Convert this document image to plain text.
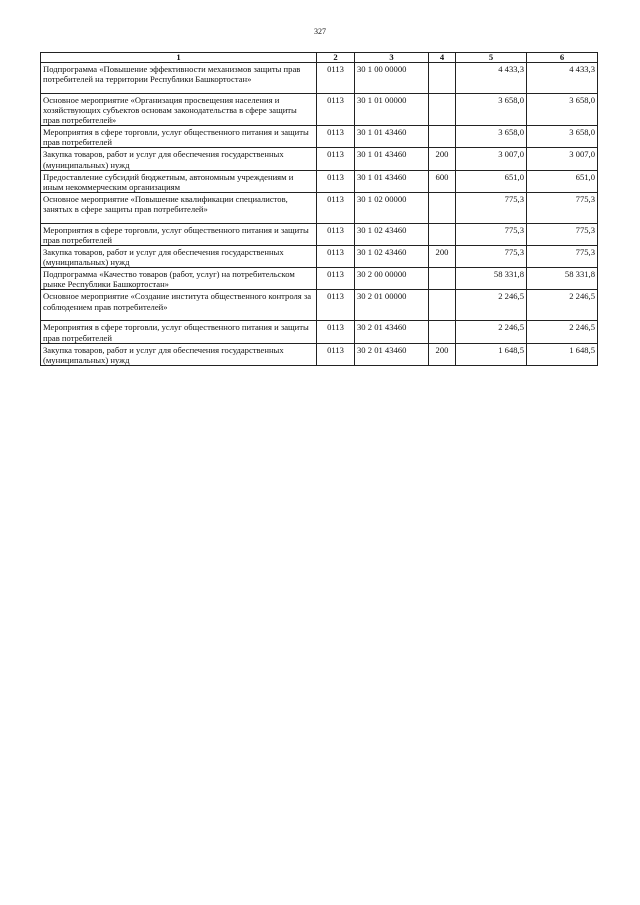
327
1	2	3	4	5	6
Подпрограмма «Повышение эффективности механизмов защиты прав потребителей на территории Республики Башкортостан»	0113	30 1 00 00000		4 433,3	4 433,3
Основное мероприятие «Организация просвещения населения и хозяйствующих субъектов основам законодательства в сфере защиты прав потребителей»	0113	30 1 01 00000		3 658,0	3 658,0
Мероприятия в сфере торговли, услуг общественного питания и защиты прав потребителей	0113	30 1 01 43460		3 658,0	3 658,0
Закупка товаров, работ и услуг для обеспечения государственных (муниципальных) нужд	0113	30 1 01 43460	200	3 007,0	3 007,0
Предоставление субсидий бюджетным, автономным учреждениям и иным некоммерческим организациям	0113	30 1 01 43460	600	651,0	651,0
Основное мероприятие «Повышение квалификации специалистов, занятых в сфере защиты прав потребителей»	0113	30 1 02 00000		775,3	775,3
Мероприятия в сфере торговли, услуг общественного питания и защиты прав потребителей	0113	30 1 02 43460		775,3	775,3
Закупка товаров, работ и услуг для обеспечения государственных (муниципальных) нужд	0113	30 1 02 43460	200	775,3	775,3
Подпрограмма «Качество товаров (работ, услуг) на потребительском рынке Республики Башкортостан»	0113	30 2 00 00000		58 331,8	58 331,8
Основное мероприятие «Создание института общественного контроля за соблюдением прав потребителей»	0113	30 2 01 00000		2 246,5	2 246,5
Мероприятия в сфере торговли, услуг общественного питания и защиты прав потребителей	0113	30 2 01 43460		2 246,5	2 246,5
Закупка товаров, работ и услуг для обеспечения государственных (муниципальных) нужд	0113	30 2 01 43460	200	1 648,5	1 648,5
